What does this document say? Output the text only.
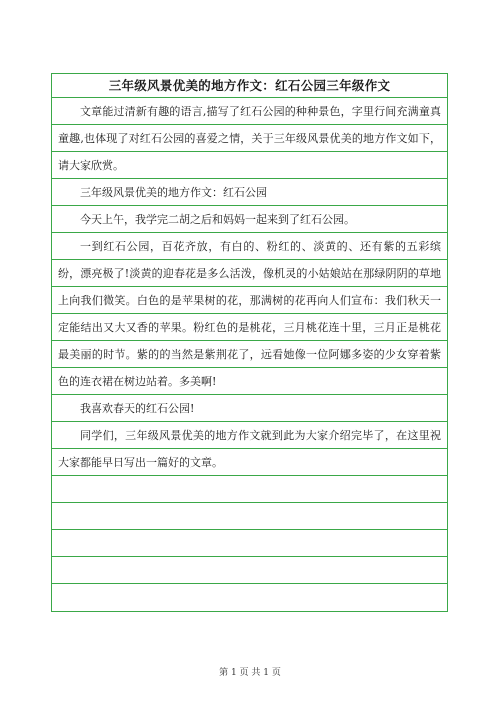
三年级风景优美的地方作文：红石公园三年级作文
文章能过清新有趣的语言,描写了红石公园的种种景色，字里行间充满童真童趣,也体现了对红石公园的喜爱之情，关于三年级风景优美的地方作文如下，请大家欣赏。
三年级风景优美的地方作文：红石公园
今天上午，我学完二胡之后和妈妈一起来到了红石公园。
一到红石公园，百花齐放，有白的、粉红的、淡黄的、还有紫的五彩缤纷，漂亮极了!淡黄的迎春花是多么活泼，像机灵的小姑娘站在那绿阴阴的草地上向我们微笑。白色的是苹果树的花，那满树的花再向人们宣布：我们秋天一定能结出又大又香的苹果。粉红色的是桃花，三月桃花连十里，三月正是桃花最美丽的时节。紫的的当然是紫荆花了，远看她像一位阿娜多姿的少女穿着紫色的连衣裙在树边站着。多美啊!
我喜欢春天的红石公园!
同学们，三年级风景优美的地方作文就到此为大家介绍完毕了，在这里祝大家都能早日写出一篇好的文章。
第 1 页 共 1 页
